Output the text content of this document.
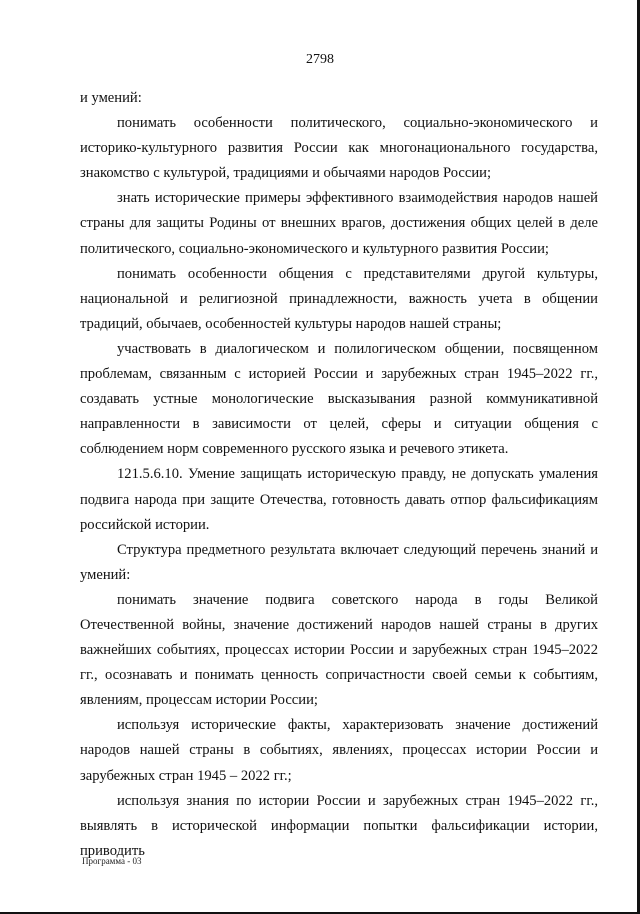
2798

и умений:

понимать особенности политического, социально-экономического и историко-культурного развития России как многонационального государства, знакомство с культурой, традициями и обычаями народов России;

знать исторические примеры эффективного взаимодействия народов нашей страны для защиты Родины от внешних врагов, достижения общих целей в деле политического, социально-экономического и культурного развития России;

понимать особенности общения с представителями другой культуры, национальной и религиозной принадлежности, важность учета в общении традиций, обычаев, особенностей культуры народов нашей страны;

участвовать в диалогическом и полилогическом общении, посвященном проблемам, связанным с историей России и зарубежных стран 1945–2022 гг., создавать устные монологические высказывания разной коммуникативной направленности в зависимости от целей, сферы и ситуации общения с соблюдением норм современного русского языка и речевого этикета.

121.5.6.10. Умение защищать историческую правду, не допускать умаления подвига народа при защите Отечества, готовность давать отпор фальсификациям российской истории.

Структура предметного результата включает следующий перечень знаний и умений:

понимать значение подвига советского народа в годы Великой Отечественной войны, значение достижений народов нашей страны в других важнейших событиях, процессах истории России и зарубежных стран 1945–2022 гг., осознавать и понимать ценность сопричастности своей семьи к событиям, явлениям, процессам истории России;

используя исторические факты, характеризовать значение достижений народов нашей страны в событиях, явлениях, процессах истории России и зарубежных стран 1945 – 2022 гг.;

используя знания по истории России и зарубежных стран 1945–2022 гг., выявлять в исторической информации попытки фальсификации истории, приводить

Программа - 03
